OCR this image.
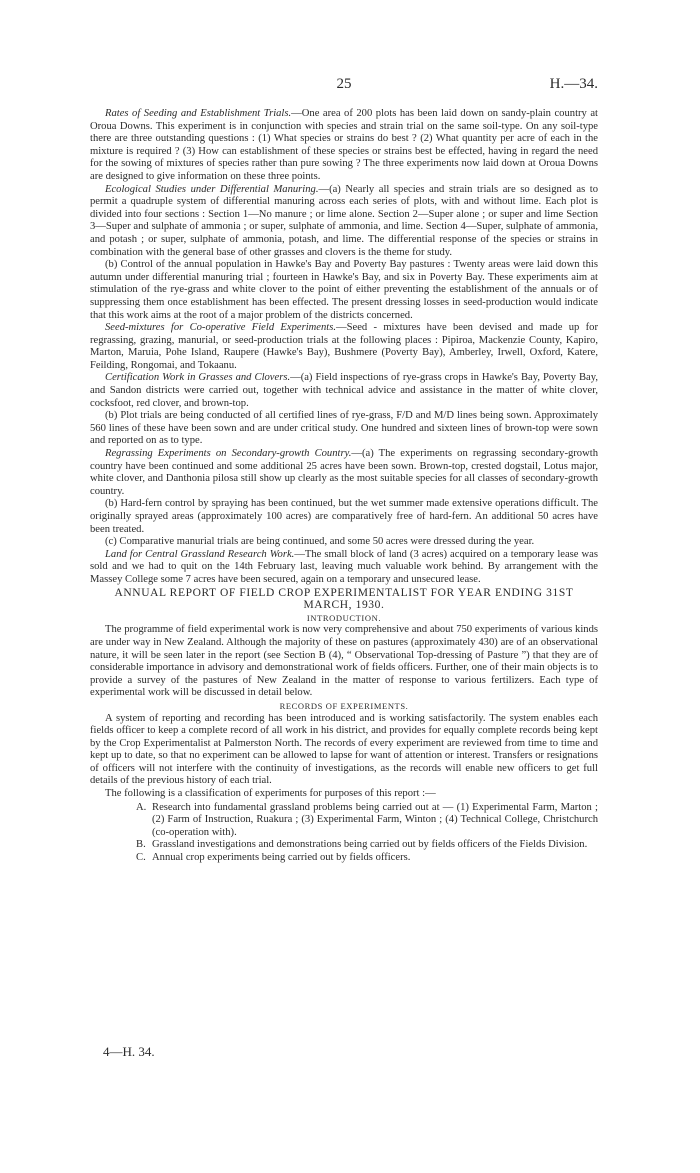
25	H.—34.

Rates of Seeding and Establishment Trials.—One area of 200 plots has been laid down on sandy-plain country at Oroua Downs. This experiment is in conjunction with species and strain trial on the same soil-type. On any soil-type there are three outstanding questions : (1) What species or strains do best ? (2) What quantity per acre of each in the mixture is required ? (3) How can establishment of these species or strains best be effected, having in regard the need for the sowing of mixtures of species rather than pure sowing ? The three experiments now laid down at Oroua Downs are designed to give information on these three points.

Ecological Studies under Differential Manuring.—(a) Nearly all species and strain trials are so designed as to permit a quadruple system of differential manuring across each series of plots, with and without lime. Each plot is divided into four sections : Section 1—No manure ; or lime alone. Section 2—Super alone ; or super and lime Section 3—Super and sulphate of ammonia ; or super, sulphate of ammonia, and lime. Section 4—Super, sulphate of ammonia, and potash ; or super, sulphate of ammonia, potash, and lime. The differential response of the species or strains in combination with the general base of other grasses and clovers is the theme for study.

(b) Control of the annual population in Hawke's Bay and Poverty Bay pastures : Twenty areas were laid down this autumn under differential manuring trial ; fourteen in Hawke's Bay, and six in Poverty Bay. These experiments aim at stimulation of the rye-grass and white clover to the point of either preventing the establishment of the annuals or of suppressing them once establishment has been effected. The present dressing losses in seed-production would indicate that this work aims at the root of a major problem of the districts concerned.

Seed-mixtures for Co-operative Field Experiments.—Seed - mixtures have been devised and made up for regrassing, grazing, manurial, or seed-production trials at the following places : Pipiroa, Mackenzie County, Kapiro, Marton, Maruia, Pohe Island, Raupere (Hawke's Bay), Bushmere (Poverty Bay), Amberley, Irwell, Oxford, Katere, Feilding, Rongomai, and Tokaanu.

Certification Work in Grasses and Clovers.—(a) Field inspections of rye-grass crops in Hawke's Bay, Poverty Bay, and Sandon districts were carried out, together with technical advice and assistance in the matter of white clover, cocksfoot, red clover, and brown-top.

(b) Plot trials are being conducted of all certified lines of rye-grass, F/D and M/D lines being sown. Approximately 560 lines of these have been sown and are under critical study. One hundred and sixteen lines of brown-top were sown and reported on as to type.

Regrassing Experiments on Secondary-growth Country.—(a) The experiments on regrassing secondary-growth country have been continued and some additional 25 acres have been sown. Brown-top, crested dogstail, Lotus major, white clover, and Danthonia pilosa still show up clearly as the most suitable species for all classes of secondary-growth country.

(b) Hard-fern control by spraying has been continued, but the wet summer made extensive operations difficult. The originally sprayed areas (approximately 100 acres) are comparatively free of hard-fern. An additional 50 acres have been treated.

(c) Comparative manurial trials are being continued, and some 50 acres were dressed during the year.

Land for Central Grassland Research Work.—The small block of land (3 acres) acquired on a temporary lease was sold and we had to quit on the 14th February last, leaving much valuable work behind. By arrangement with the Massey College some 7 acres have been secured, again on a temporary and unsecured lease.

ANNUAL REPORT OF FIELD CROP EXPERIMENTALIST FOR YEAR ENDING 31ST MARCH, 1930.

INTRODUCTION.

The programme of field experimental work is now very comprehensive and about 750 experiments of various kinds are under way in New Zealand. Although the majority of these on pastures (approximately 430) are of an observational nature, it will be seen later in the report (see Section B (4), “ Observational Top-dressing of Pasture ”) that they are of considerable importance in advisory and demonstrational work of fields officers. Further, one of their main objects is to provide a survey of the pastures of New Zealand in the matter of response to various fertilizers. Each type of experimental work will be discussed in detail below.

RECORDS OF EXPERIMENTS.

A system of reporting and recording has been introduced and is working satisfactorily. The system enables each fields officer to keep a complete record of all work in his district, and provides for equally complete records being kept by the Crop Experimentalist at Palmerston North. The records of every experiment are reviewed from time to time and kept up to date, so that no experiment can be allowed to lapse for want of attention or interest. Transfers or resignations of officers will not interfere with the continuity of investigations, as the records will enable new officers to get full details of the previous history of each trial.

The following is a classification of experiments for purposes of this report :—

A. Research into fundamental grassland problems being carried out at — (1) Experimental Farm, Marton ; (2) Farm of Instruction, Ruakura ; (3) Experimental Farm, Winton ; (4) Technical College, Christchurch (co-operation with).
B. Grassland investigations and demonstrations being carried out by fields officers of the Fields Division.
C. Annual crop experiments being carried out by fields officers.
4—H. 34.
